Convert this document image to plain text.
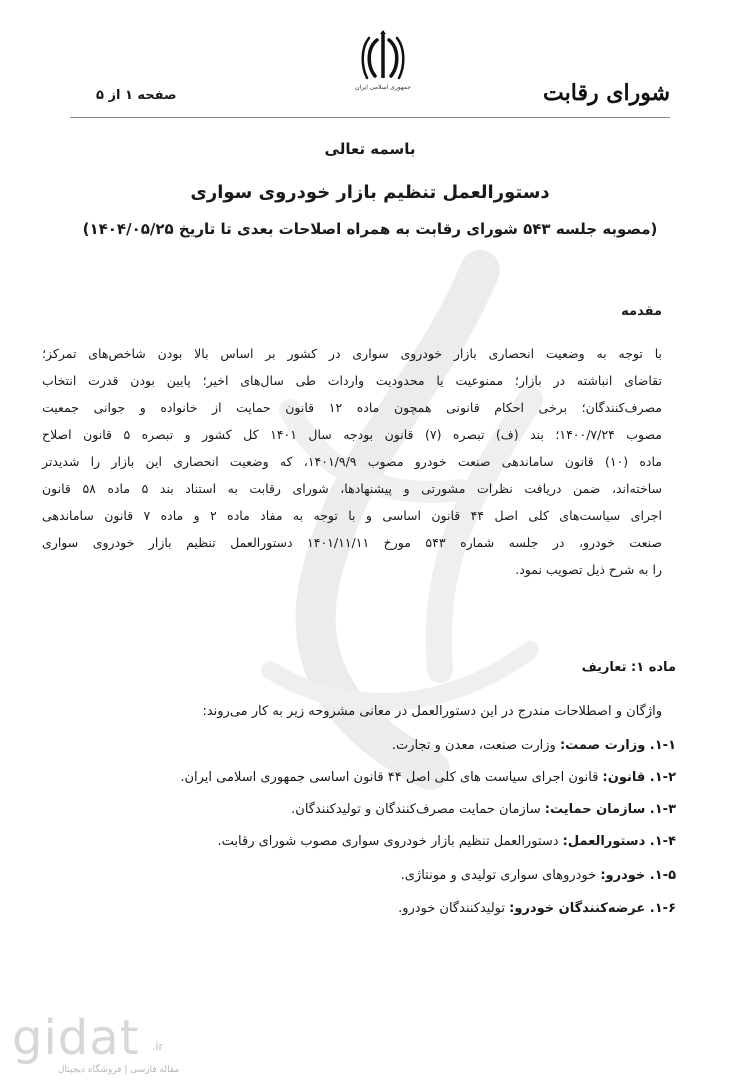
جمهوری اسلامی ایران	شورای رقابت
صفحه ۱ از ۵
باسمه تعالی
دستورالعمل تنظیم بازار خودروی سواری
(مصوبه جلسه ۵۴۳ شورای رقابت به همراه اصلاحات بعدی تا تاریخ ۱۴۰۴/۰۵/۲۵)
مقدمه
با توجه به وضعیت انحصاری بازار خودروی سواری در کشور بر اساس بالا بودن شاخص‌های تمرکز؛
تقاضای انباشته در بازار؛ ممنوعیت یا محدودیت واردات طی سال‌های اخیر؛ پایین بودن قدرت انتخاب
مصرف‌کنندگان؛ برخی احکام قانونی همچون ماده ۱۲ قانون حمایت از خانواده و جوانی جمعیت
مصوب ۱۴۰۰/۷/۲۴؛ بند (ف) تبصره (۷) قانون بودجه سال ۱۴۰۱ کل کشور و تبصره ۵ قانون اصلاح
ماده (۱۰) قانون ساماندهی صنعت خودرو مصوب ۱۴۰۱/۹/۹، که وضعیت انحصاری این بازار را شدیدتر
ساخته‌اند، ضمن دریافت نظرات مشورتی و پیشنهادها، شورای رقابت به استناد بند ۵ ماده ۵۸ قانون
اجرای سیاست‌های کلی اصل ۴۴ قانون اساسی و با توجه به مفاد ماده ۲ و ماده ۷ قانون ساماندهی
صنعت خودرو، در جلسه شماره ۵۴۳ مورخ ۱۴۰۱/۱۱/۱۱ دستورالعمل تنظیم بازار خودروی سواری
را به شرح ذیل تصویب نمود.
ماده ۱: تعاریف
واژگان و اصطلاحات مندرج در این دستورالعمل در معانی مشروحه زیر به کار می‌روند:
۱-۱. وزارت صمت: وزارت صنعت، معدن و تجارت.
۱-۲. قانون: قانون اجرای سیاست های کلی اصل ۴۴ قانون اساسی جمهوری اسلامی ایران.
۱-۳. سازمان حمایت: سازمان حمایت مصرف‌کنندگان و تولیدکنندگان.
۱-۴. دستورالعمل: دستورالعمل تنظیم بازار خودروی سواری مصوب شورای رقابت.
۱-۵. خودرو: خودروهای سواری تولیدی و مونتاژی.
۱-۶. عرضه‌کنندگان خودرو: تولیدکنندگان خودرو.
gidat .ir
مقاله فارسی | فروشگاه دیجیتال
